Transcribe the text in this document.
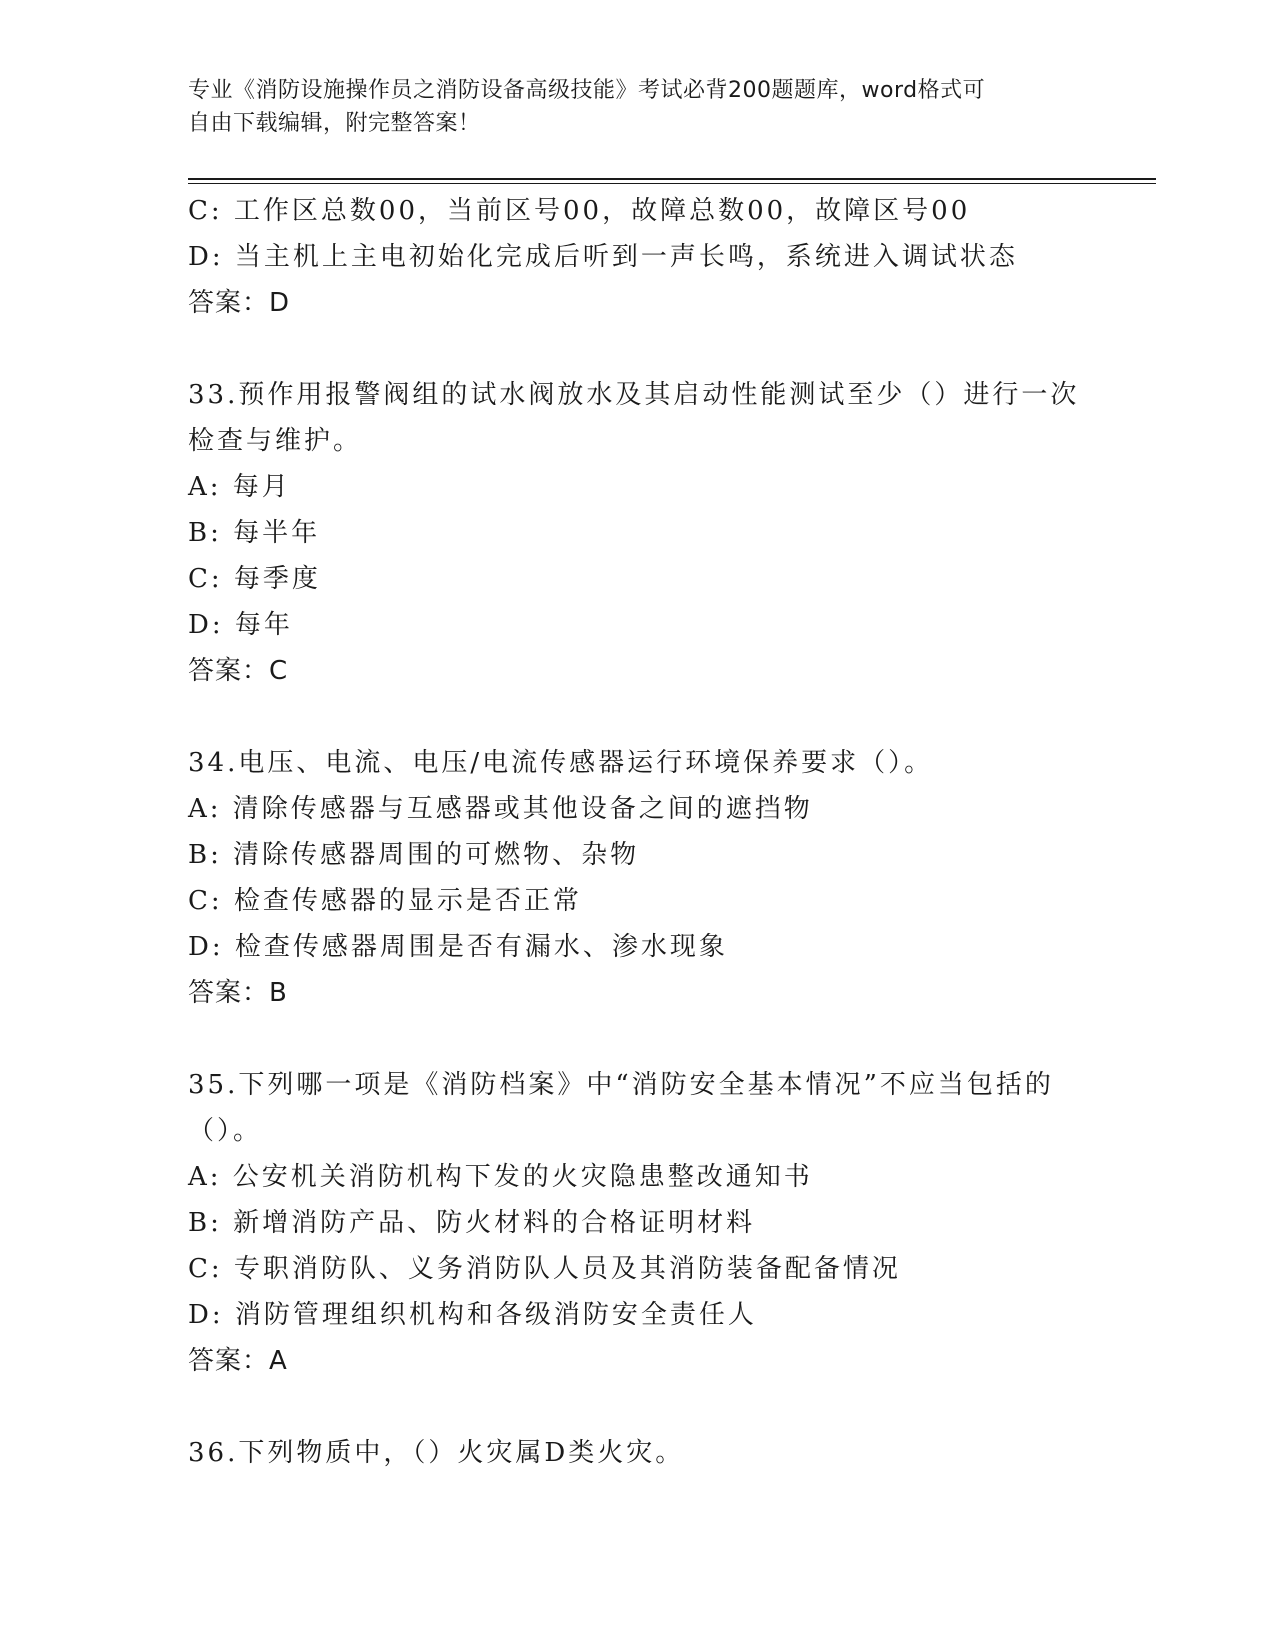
专业《消防设施操作员之消防设备高级技能》考试必背200题题库，word格式可
自由下载编辑，附完整答案！
C: 工作区总数00，当前区号00，故障总数00，故障区号00
D: 当主机上主电初始化完成后听到一声长鸣，系统进入调试状态
答案：D
33.预作用报警阀组的试水阀放水及其启动性能测试至少（）进行一次
检查与维护。
A: 每月
B: 每半年
C: 每季度
D: 每年
答案：C
34.电压、电流、电压/电流传感器运行环境保养要求（）。
A: 清除传感器与互感器或其他设备之间的遮挡物
B: 清除传感器周围的可燃物、杂物
C: 检查传感器的显示是否正常
D: 检查传感器周围是否有漏水、渗水现象
答案：B
35.下列哪一项是《消防档案》中“消防安全基本情况”不应当包括的
（）。
A: 公安机关消防机构下发的火灾隐患整改通知书
B: 新增消防产品、防火材料的合格证明材料
C: 专职消防队、义务消防队人员及其消防装备配备情况
D: 消防管理组织机构和各级消防安全责任人
答案：A
36.下列物质中，（）火灾属D类火灾。
